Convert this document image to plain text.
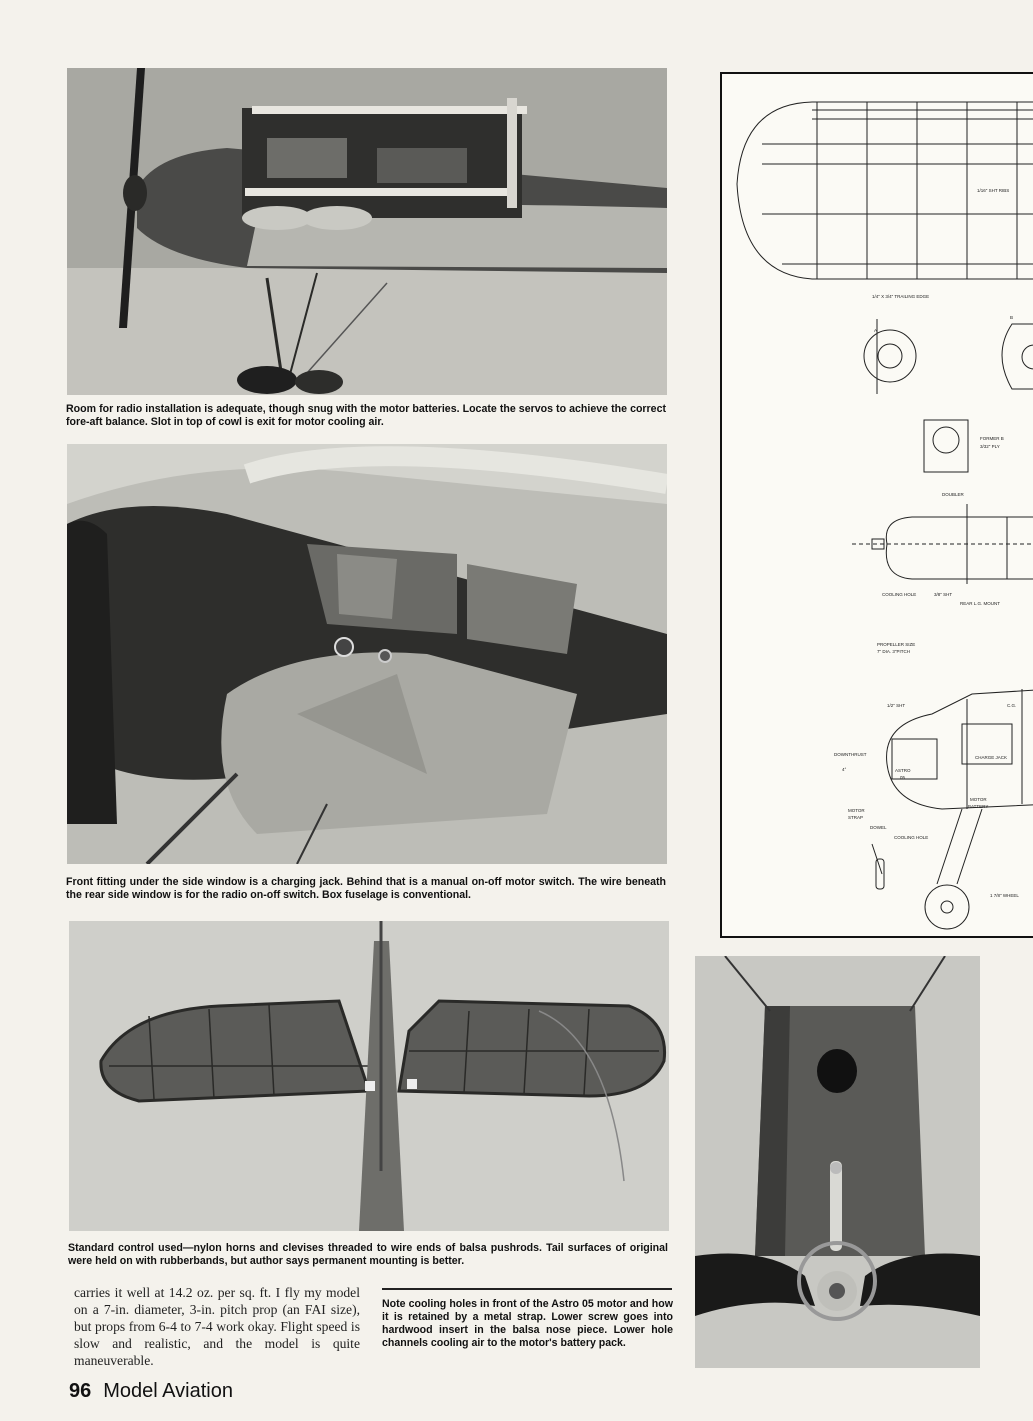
Room for radio installation is adequate, though snug with the motor batteries. Locate the servos to achieve the correct fore-aft balance. Slot in top of cowl is exit for motor cooling air.
Front fitting under the side window is a charging jack. Behind that is a manual on-off motor switch. The wire beneath the rear side window is for the radio on-off switch. Box fuselage is conventional.
Standard control used—nylon horns and clevises threaded to wire ends of balsa pushrods. Tail surfaces of original were held on with rubberbands, but author says permanent mounting is better.
carries it well at 14.2 oz. per sq. ft. I fly my model on a 7-in. diameter, 3-in. pitch prop (an FAI size), but props from 6-4 to 7-4 work okay. Flight speed is slow and realistic, and the model is quite maneuverable.
Note cooling holes in front of the Astro 05 motor and how it is retained by a metal strap. Lower screw goes into hardwood insert in the balsa nose piece. Lower hole channels cooling air to the motor's battery pack.
1/16" SHT RIBS
1/4" X 3/4" TRAILING EDGE
A
B
FORMER B
3/32" PLY
DOUBLER
COOLING HOLE	3/8" SHT
REAR L.G. MOUNT
PROPELLER SIZE
7" DIA. 3"PITCH
1/2" SHT	C.G.
CHARGE JACK
DOWNTHRUST
4°	ASTRO
05
MOTOR
BATTERY
MOTOR
STRAP
DOWEL
COOLING HOLE
1 7/8" WHEEL
96 Model Aviation
